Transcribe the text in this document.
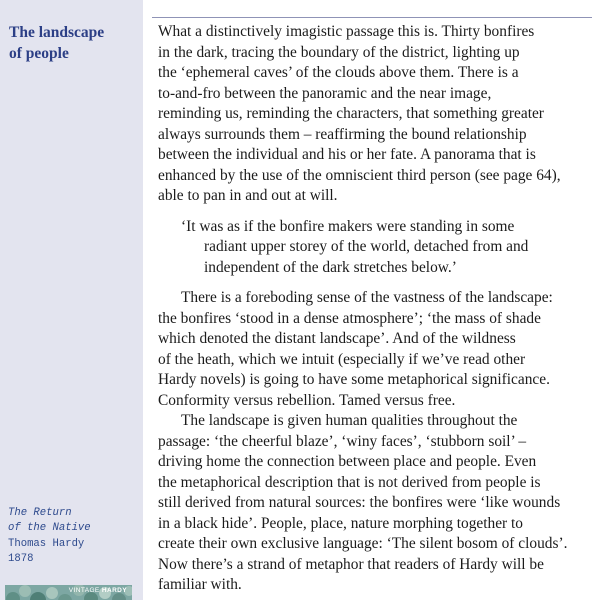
The landscape
of people
The Return
of the Native
Thomas Hardy
1878
VINTAGE HARDY
What a distinctively imagistic passage this is. Thirty bonfires
in the dark, tracing the boundary of the district, lighting up
the ‘ephemeral caves’ of the clouds above them. There is a
to-and-fro between the panoramic and the near image,
reminding us, reminding the characters, that something greater
always surrounds them – reaffirming the bound relationship
between the individual and his or her fate. A panorama that is
enhanced by the use of the omniscient third person (see page 64),
able to pan in and out at will.
‘It was as if the bonfire makers were standing in some
radiant upper storey of the world, detached from and
independent of the dark stretches below.’
There is a foreboding sense of the vastness of the landscape:
the bonfires ‘stood in a dense atmosphere’; ‘the mass of shade
which denoted the distant landscape’. And of the wildness
of the heath, which we intuit (especially if we’ve read other
Hardy novels) is going to have some metaphorical significance.
Conformity versus rebellion. Tamed versus free.
The landscape is given human qualities throughout the
passage: ‘the cheerful blaze’, ‘winy faces’, ‘stubborn soil’ –
driving home the connection between place and people. Even
the metaphorical description that is not derived from people is
still derived from natural sources: the bonfires were ‘like wounds
in a black hide’. People, place, nature morphing together to
create their own exclusive language: ‘The silent bosom of clouds’.
Now there’s a strand of metaphor that readers of Hardy will be
familiar with.
